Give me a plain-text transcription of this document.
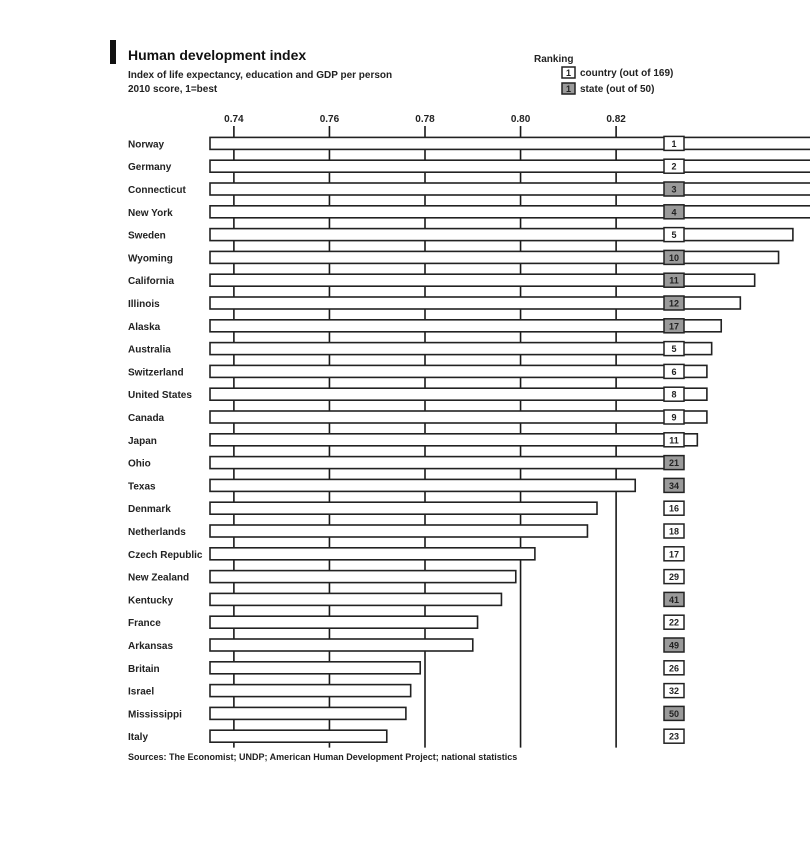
Human development index
Index of life expectancy, education and GDP per person
2010 score, 1=best
Ranking
1 country (out of 169)
1 state (out of 50)
0.74	0.76	0.78	0.80	0.82
Norway	1
Germany	2
Connecticut	3
New York	4
Sweden	5
Wyoming	10
California	11
Illinois	12
Alaska	17
Australia	5
Switzerland	6
United States	8
Canada	9
Japan	11
Ohio	21
Texas	34
Denmark	16
Netherlands	18
Czech Republic	17
New Zealand	29
Kentucky	41
France	22
Arkansas	49
Britain	26
Israel	32
Mississippi	50
Italy	23
Sources: The Economist; UNDP; American Human Development Project; national statistics
